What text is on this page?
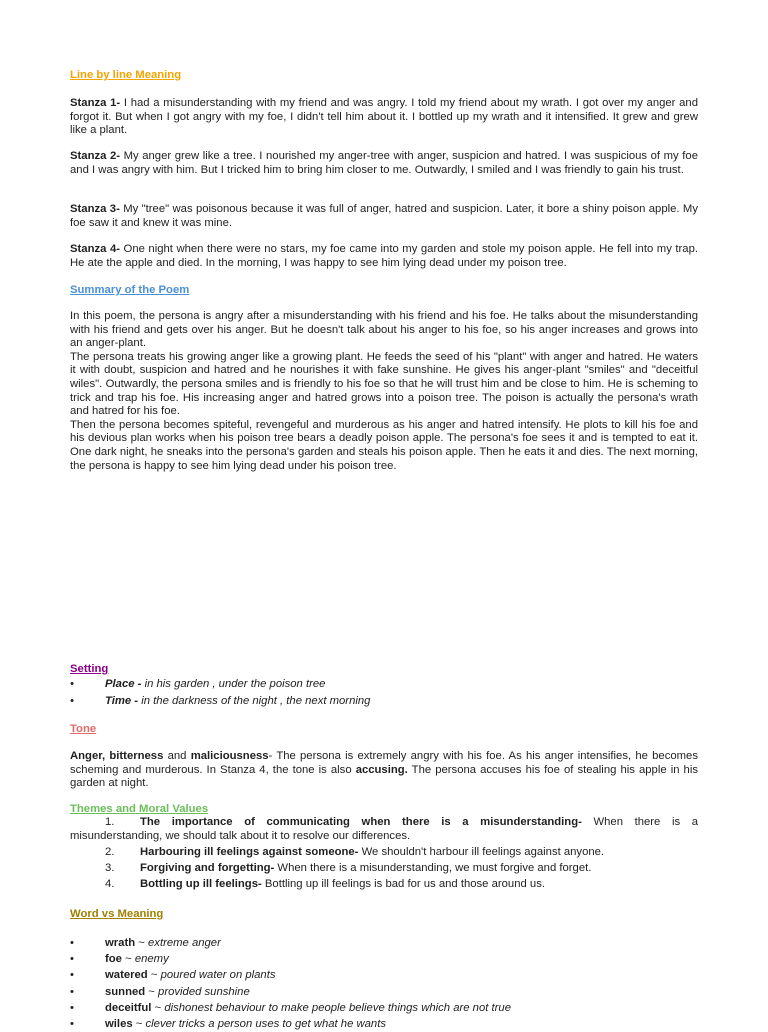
Line by line Meaning

Stanza 1- I had a misunderstanding with my friend and was angry. I told my friend about my wrath. I got over my anger and forgot it. But when I got angry with my foe, I didn't tell him about it. I bottled up my wrath and it intensified. It grew and grew like a plant.

Stanza 2- My anger grew like a tree. I nourished my anger-tree with anger, suspicion and hatred. I was suspicious of my foe and I was angry with him. But I tricked him to bring him closer to me. Outwardly, I smiled and I was friendly to gain his trust.

Stanza 3- My "tree" was poisonous because it was full of anger, hatred and suspicion. Later, it bore a shiny poison apple. My foe saw it and knew it was mine.

Stanza 4- One night when there were no stars, my foe came into my garden and stole my poison apple. He fell into my trap. He ate the apple and died. In the morning, I was happy to see him lying dead under my poison tree.

Summary of the Poem
In this poem, the persona is angry after a misunderstanding with his friend and his foe. He talks about the misunderstanding with his friend and gets over his anger. But he doesn't talk about his anger to his foe, so his anger increases and grows into an anger-plant.
The persona treats his growing anger like a growing plant. He feeds the seed of his "plant" with anger and hatred. He waters it with doubt, suspicion and hatred and he nourishes it with fake sunshine. He gives his anger-plant "smiles" and "deceitful wiles". Outwardly, the persona smiles and is friendly to his foe so that he will trust him and be close to him. He is scheming to trick and trap his foe. His increasing anger and hatred grows into a poison tree. The poison is actually the persona's wrath and hatred for his foe.
Then the persona becomes spiteful, revengeful and murderous as his anger and hatred intensify. He plots to kill his foe and his devious plan works when his poison tree bears a deadly poison apple. The persona's foe sees it and is tempted to eat it. One dark night, he sneaks into the persona's garden and steals his poison apple. Then he eats it and dies. The next morning, the persona is happy to see him lying dead under his poison tree.
Setting
• Place - in his garden , under the poison tree
• Time - in the darkness of the night , the next morning
Tone

Anger, bitterness and maliciousness- The persona is extremely angry with his foe. As his anger intensifies, he becomes scheming and murderous. In Stanza 4, the tone is also accusing. The persona accuses his foe of stealing his apple in his garden at night.

Themes and Moral Values
1. The importance of communicating when there is a misunderstanding- When there is a
misunderstanding, we should talk about it to resolve our differences.
2. Harbouring ill feelings against someone- We shouldn't harbour ill feelings against anyone.
3. Forgiving and forgetting- When there is a misunderstanding, we must forgive and forget.
4. Bottling up ill feelings- Bottling up ill feelings is bad for us and those around us.
Word vs Meaning
• wrath ~ extreme anger
• foe ~ enemy
• watered ~ poured water on plants
• sunned ~ provided sunshine
• deceitful ~ dishonest behaviour to make people believe things which are not true
• wiles ~ clever tricks a person uses to get what he wants
